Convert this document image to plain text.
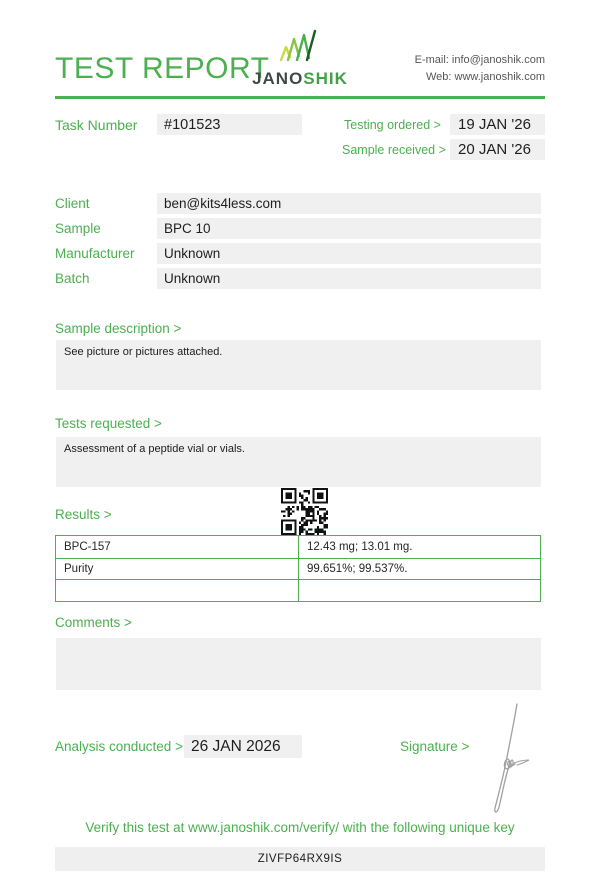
TEST REPORT
JANOSHIK
E-mail: info@janoshik.com
Web: www.janoshik.com
Task Number	#101523	Testing ordered >	19 JAN '26
Sample received > 20 JAN '26
Client	ben@kits4less.com
Sample	BPC 10
Manufacturer	Unknown
Batch	Unknown
Sample description >
See picture or pictures attached.
Tests requested >
Assessment of a peptide vial or vials.
Results >
BPC-157	12.43 mg; 13.01 mg.
Purity	99.651%; 99.537%.
Comments >
Analysis conducted > 26 JAN 2026	Signature >
Verify this test at www.janoshik.com/verify/ with the following unique key
ZIVFP64RX9IS
